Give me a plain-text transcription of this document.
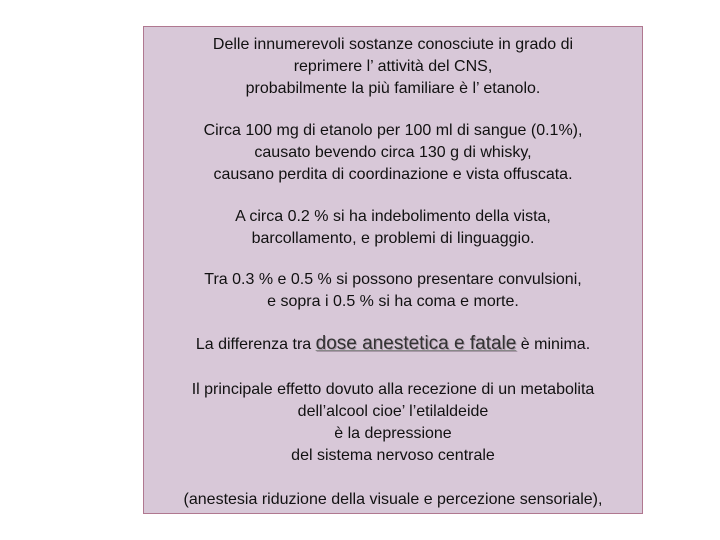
Delle innumerevoli sostanze conosciute in grado di
reprimere l’ attività del CNS,
probabilmente la più familiare è l’ etanolo.

Circa 100 mg di etanolo per 100 ml di sangue (0.1%),
causato bevendo circa 130 g di whisky,
causano perdita di coordinazione e vista offuscata.

A circa 0.2 % si ha indebolimento della vista,
barcollamento, e problemi di linguaggio.

Tra 0.3 % e 0.5 % si possono presentare convulsioni,
e sopra i 0.5 % si ha coma e morte.

La differenza tra dose anestetica e fatale è minima.

Il principale effetto dovuto alla recezione di un metabolita
dell’alcool cioe’ l’etilaldeide
è la depressione
del sistema nervoso centrale

(anestesia riduzione della visuale e percezione sensoriale),
